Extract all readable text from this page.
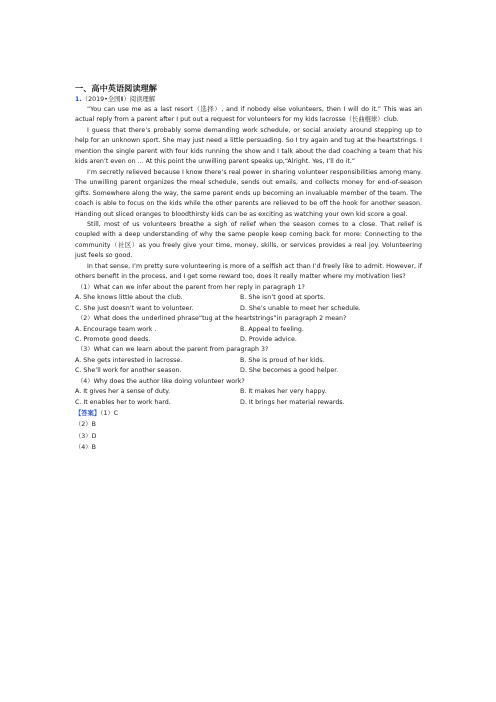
一、高中英语阅读理解
1.（2019•全国Ⅱ）阅读理解

“You can use me as a last resort（选择）, and if nobody else volunteers, then I will do it.” This was an actual reply from a parent after I put out a request for volunteers for my kids lacrosse（长曲棍球）club.

I guess that there’s probably some demanding work schedule, or social anxiety around stepping up to help for an unknown sport. She may just need a little persuading. So I try again and tug at the heartstrings. I mention the single parent with four kids running the show and I talk about the dad coaching a team that his kids aren’t even on ... At this point the unwilling parent speaks up,“Alright. Yes, I’ll do it.”

I’m secretly relieved because I know there’s real power in sharing volunteer responsibilities among many. The unwilling parent organizes the meal schedule, sends out emails, and collects money for end-of-season gifts. Somewhere along the way, the same parent ends up becoming an invaluable member of the team. The coach is able to focus on the kids while the other parents are relieved to be off the hook for another season. Handing out sliced oranges to bloodthirsty kids can be as exciting as watching your own kid score a goal.

Still, most of us volunteers breathe a sigh of relief when the season comes to a close. That relief is coupled with a deep understanding of why the same people keep coming back for more: Connecting to the community（社区）as you freely give your time, money, skills, or services provides a real joy. Volunteering just feels so good.

In that sense, I’m pretty sure volunteering is more of a selfish act than I’d freely like to admit. However, if others benefit in the process, and I get some reward too, does it really matter where my motivation lies?

（1）What can we infer about the parent from her reply in paragraph 1?
A. She knows little about the club.	B. She isn’t good at sports.
C. She just doesn’t want to volunteer.	D. She’s unable to meet her schedule.
（2）What does the underlined phrase“tug at the heartstrings”in paragraph 2 mean?
A. Encourage team work .	B. Appeal to feeling.
C. Promote good deeds.	D. Provide advice.
（3）What can we learn about the parent from paragraph 3?
A. She gets interested in lacrosse.	B. She is proud of her kids.
C. She’ll work for another season.	D. She becomes a good helper.
（4）Why does the author like doing volunteer work?
A. It gives her a sense of duty.	B. It makes her very happy.
C. It enables her to work hard.	D. It brings her material rewards.
【答案】（1）C
（2）B
（3）D
（4）B
